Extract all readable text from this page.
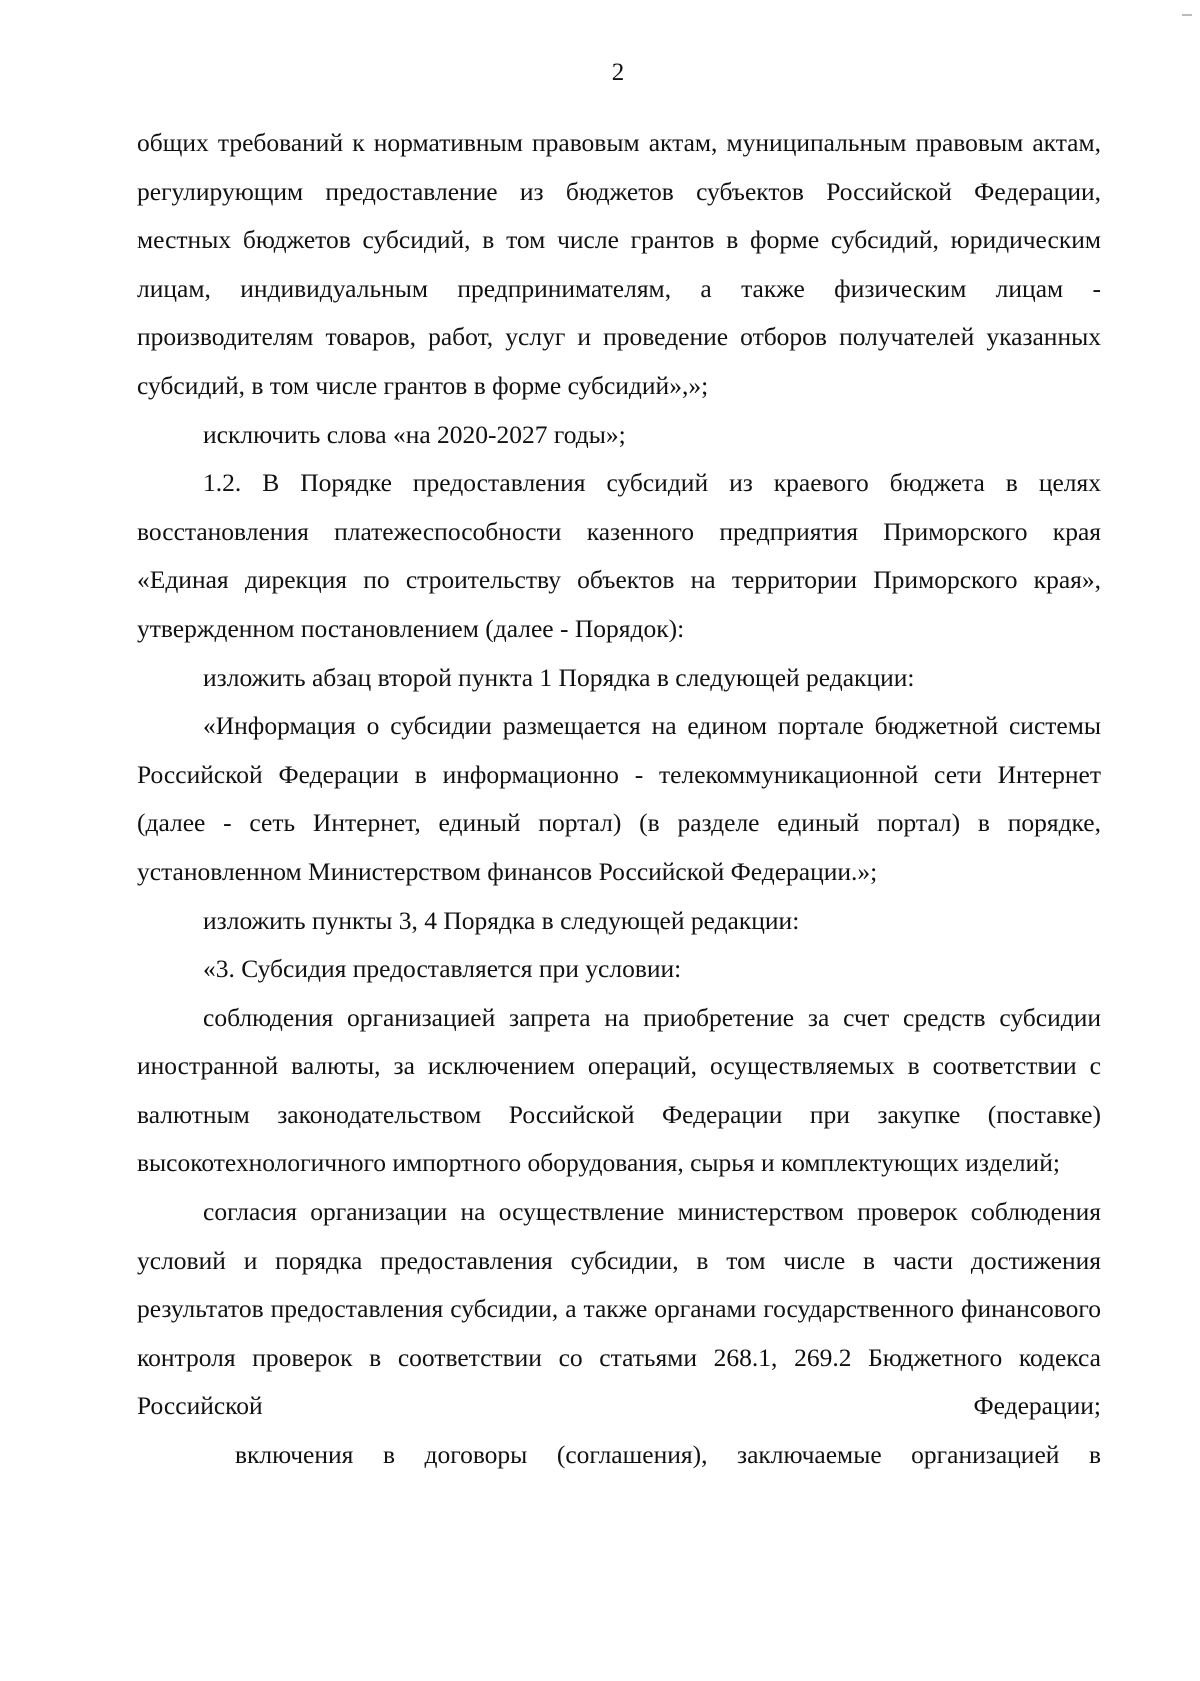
2

общих требований к нормативным правовым актам, муниципальным правовым актам, регулирующим предоставление из бюджетов субъектов Российской Федерации, местных бюджетов субсидий, в том числе грантов в форме субсидий, юридическим лицам, индивидуальным предпринимателям, а также физическим лицам - производителям товаров, работ, услуг и проведение отборов получателей указанных субсидий, в том числе грантов в форме субсидий»,»;

исключить слова «на 2020-2027 годы»;

1.2. В Порядке предоставления субсидий из краевого бюджета в целях восстановления платежеспособности казенного предприятия Приморского края «Единая дирекция по строительству объектов на территории Приморского края», утвержденном постановлением (далее - Порядок):

изложить абзац второй пункта 1 Порядка в следующей редакции:

«Информация о субсидии размещается на едином портале бюджетной системы Российской Федерации в информационно - телекоммуникационной сети Интернет (далее - сеть Интернет, единый портал) (в разделе единый портал) в порядке, установленном Министерством финансов Российской Федерации.»;

изложить пункты 3, 4 Порядка в следующей редакции:

«3. Субсидия предоставляется при условии:

соблюдения организацией запрета на приобретение за счет средств субсидии иностранной валюты, за исключением операций, осуществляемых в соответствии с валютным законодательством Российской Федерации при закупке (поставке) высокотехнологичного импортного оборудования, сырья и комплектующих изделий;

согласия организации на осуществление министерством проверок соблюдения условий и порядка предоставления субсидии, в том числе в части достижения результатов предоставления субсидии, а также органами государственного финансового контроля проверок в соответствии со статьями 268.1, 269.2 Бюджетного кодекса Российской Федерации;

включения в договоры (соглашения), заключаемые организацией в
